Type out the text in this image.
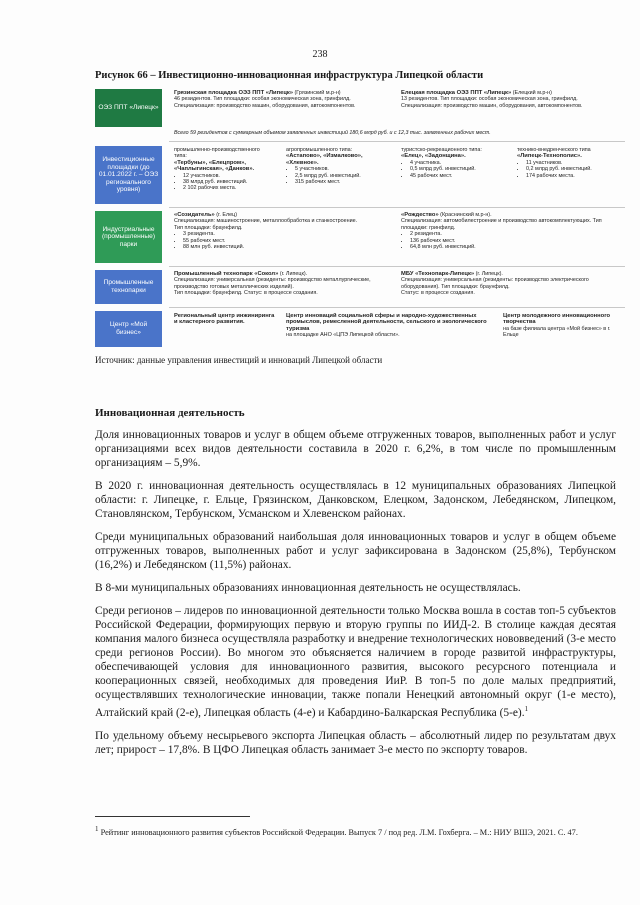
238
Рисунок 66 – Инвестиционно-инновационная инфраструктура Липецкой области
ОЭЗ ППТ «Липецк»
Грязинская площадка ОЭЗ ППТ «Липецк» (Грязинский м.р-н)
46 резидентов. Тип площадки: особая экономическая зона, гринфилд.
Специализация: производство машин, оборудования, автокомпонентов.
Елецкая площадка ОЭЗ ППТ «Липецк» (Елецкий м.р-н)
13 резидентов. Тип площадки: особая экономическая зона, гринфилд.
Специализация: производство машин, оборудования, автокомпонентов.
Всего 59 резидентов с суммарным объемом заявленных инвестиций 180,6 млрд руб. и с 12,3 тыс. заявленных рабочих мест.
Инвестиционные площадки (до 01.01.2022 г. – ОЭЗ регионального уровня)
промышленно-производственного типа:
«Тербуны», «Елецпром», «Чаплыгинская», «Данков».
• 12 участников.
• 38 млрд руб. инвестиций.
• 2 102 рабочих места.
агропромышленного типа:
«Астапово», «Измалково», «Хлевное».
• 5 участников.
• 2,5 млрд руб. инвестиций.
• 315 рабочих мест.
туристско-рекреационного типа:
«Елец», «Задонщина».
• 4 участника.
• 0,5 млрд руб. инвестиций.
• 45 рабочих мест.
технико-внедренческого типа
«Липецк-Технополис».
• 11 участников.
• 0,2 млрд руб. инвестиций.
• 174 рабочих места.
Индустриальные (промышленные) парки
«Созидатель» (г. Елец)
Специализация: машиностроение, металлообработка и станкостроение.
Тип площадки: браунфилд.
• 3 резидента.
• 55 рабочих мест.
• 88 млн руб. инвестиций.
«Рождество» (Краснинский м.р-н).
Специализация: автомобилестроение и производство автокомплектующих. Тип площадки: гринфилд.
• 2 резидента.
• 136 рабочих мест.
• 64,8 млн руб. инвестиций.
Промышленные технопарки
Промышленный технопарк «Сокол» (г. Липецк).
Специализация: универсальная (резиденты: производство металлургические, производство готовых металлических изделий).
Тип площадки: браунфилд. Статус: в процессе создания.
МБУ «Технопарк-Липецк» (г. Липецк).
Специализация: универсальная (резиденты: производство электрического оборудования). Тип площадки: браунфилд.
Статус: в процессе создания.
Центр «Мой бизнес»
Региональный центр инжиниринга и кластерного развития.
Центр инноваций социальной сферы и народно-художественных промыслов, ремесленной деятельности, сельского и экологического туризма
на площадке АНО «ЦПЭ Липецкой области».
Центр молодежного инновационного творчества
на базе филиала центра «Мой бизнес» в г. Ельце
Источник: данные управления инвестиций и инноваций Липецкой области
Инновационная деятельность

Доля инновационных товаров и услуг в общем объеме отгруженных товаров, выполненных работ и услуг организациями всех видов деятельности составила в 2020 г. 6,2%, в том числе по промышленным организациям – 5,9%.

В 2020 г. инновационная деятельность осуществлялась в 12 муниципальных образованиях Липецкой области: г. Липецке, г. Ельце, Грязинском, Данковском, Елецком, Задонском, Лебедянском, Липецком, Становлянском, Тербунском, Усманском и Хлевенском районах.

Среди муниципальных образований наибольшая доля инновационных товаров и услуг в общем объеме отгруженных товаров, выполненных работ и услуг зафиксирована в Задонском (25,8%), Тербунском (16,2%) и Лебедянском (11,5%) районах.

В 8-ми муниципальных образованиях инновационная деятельность не осуществлялась.

Среди регионов – лидеров по инновационной деятельности только Москва вошла в состав топ-5 субъектов Российской Федерации, формирующих первую и вторую группы по ИИД-2. В столице каждая десятая компания малого бизнеса осуществляла разработку и внедрение технологических нововведений (3-е место среди регионов России). Во многом это объясняется наличием в городе развитой инфраструктуры, обеспечивающей условия для инновационного развития, высокого ресурсного потенциала и кооперационных связей, необходимых для проведения ИиР. В топ-5 по доле малых предприятий, осуществлявших технологические инновации, также попали Ненецкий автономный округ (1-е место), Алтайский край (2-е), Липецкая область (4-е) и Кабардино-Балкарская Республика (5-е).$^1$

По удельному объему несырьевого экспорта Липецкая область – абсолютный лидер по результатам двух лет; прирост – 17,8%. В ЦФО Липецкая область занимает 3-е место по экспорту товаров.

$^1$ Рейтинг инновационного развития субъектов Российской Федерации. Выпуск 7 / под ред. Л.М. Гохберга. – М.: НИУ ВШЭ, 2021. С. 47.
